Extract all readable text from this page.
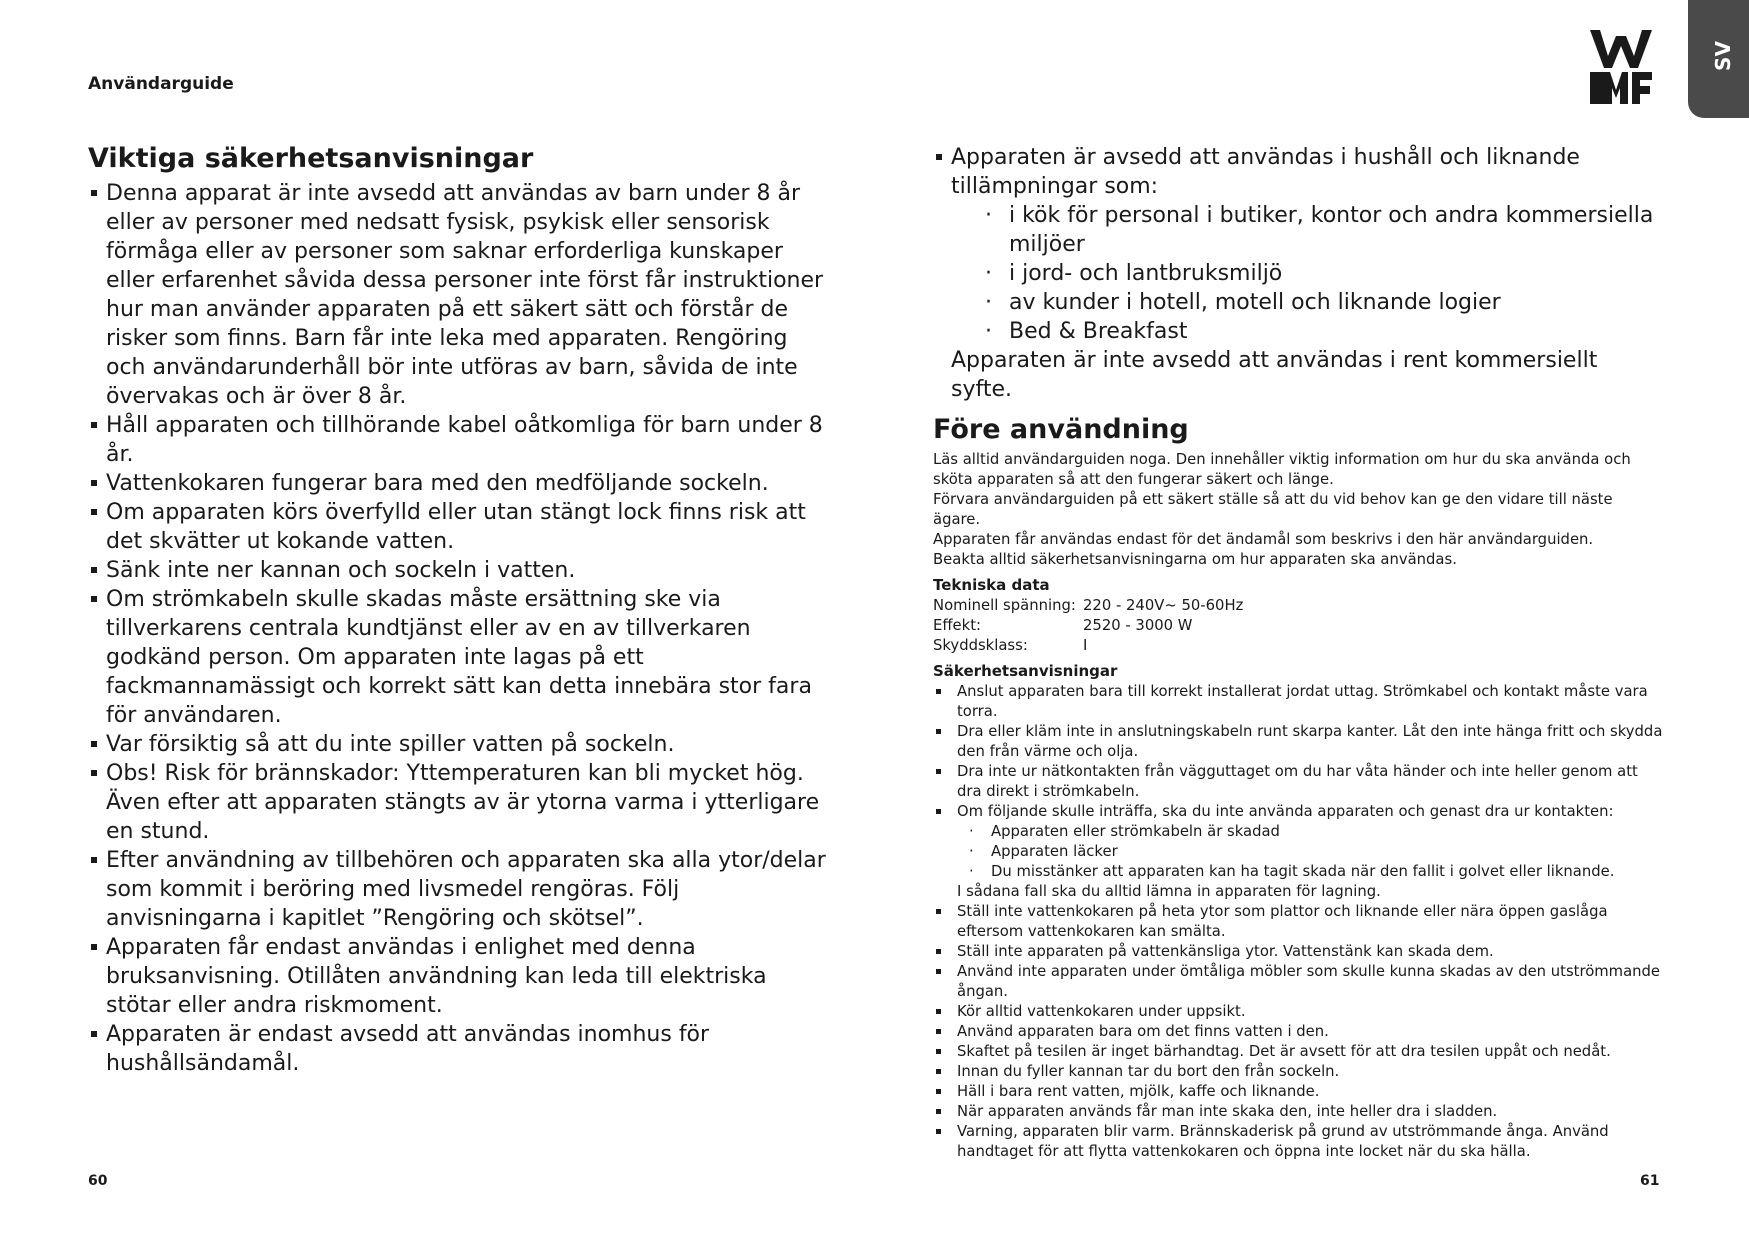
Användarguide
SV
Viktiga säkerhetsanvisningar
Denna apparat är inte avsedd att användas av barn under 8 år eller av personer med nedsatt fysisk, psykisk eller sensorisk förmåga eller av personer som saknar erforderliga kunskaper eller erfarenhet såvida dessa personer inte först får instruktioner hur man använder apparaten på ett säkert sätt och förstår de risker som finns. Barn får inte leka med apparaten. Rengöring och användarunderhåll bör inte utföras av barn, såvida de inte övervakas och är över 8 år.
Håll apparaten och tillhörande kabel oåtkomliga för barn under 8 år.
Vattenkokaren fungerar bara med den medföljande sockeln.
Om apparaten körs överfylld eller utan stängt lock finns risk att det skvätter ut kokande vatten.
Sänk inte ner kannan och sockeln i vatten.
Om strömkabeln skulle skadas måste ersättning ske via tillverkarens centrala kundtjänst eller av en av tillverkaren godkänd person. Om apparaten inte lagas på ett fackmannamässigt och korrekt sätt kan detta innebära stor fara för användaren.
Var försiktig så att du inte spiller vatten på sockeln.
Obs! Risk för brännskador: Yttemperaturen kan bli mycket hög. Även efter att apparaten stängts av är ytorna varma i ytterligare en stund.
Efter användning av tillbehören och apparaten ska alla ytor/delar som kommit i beröring med livsmedel rengöras. Följ anvisningarna i kapitlet ”Rengöring och skötsel”.
Apparaten får endast användas i enlighet med denna bruksanvisning. Otillåten användning kan leda till elektriska stötar eller andra riskmoment.
Apparaten är endast avsedd att användas inomhus för hushållsändamål.
Apparaten är avsedd att användas i hushåll och liknande tillämpningar som:
· i kök för personal i butiker, kontor och andra kommersiella miljöer
· i jord- och lantbruksmiljö
· av kunder i hotell, motell och liknande logier
· Bed & Breakfast
Apparaten är inte avsedd att användas i rent kommersiellt syfte.
Före användning
Läs alltid användarguiden noga. Den innehåller viktig information om hur du ska använda och sköta apparaten så att den fungerar säkert och länge.
Förvara användarguiden på ett säkert ställe så att du vid behov kan ge den vidare till näste ägare.
Apparaten får användas endast för det ändamål som beskrivs i den här användarguiden.
Beakta alltid säkerhetsanvisningarna om hur apparaten ska användas.
Tekniska data
Nominell spänning:	220 - 240V~ 50-60Hz
Effekt:	2520 - 3000 W
Skyddsklass:	I
Säkerhetsanvisningar
Anslut apparaten bara till korrekt installerat jordat uttag. Strömkabel och kontakt måste vara torra.
Dra eller kläm inte in anslutningskabeln runt skarpa kanter. Låt den inte hänga fritt och skydda den från värme och olja.
Dra inte ur nätkontakten från vägguttaget om du har våta händer och inte heller genom att dra direkt i strömkabeln.
Om följande skulle inträffa, ska du inte använda apparaten och genast dra ur kontakten:
· Apparaten eller strömkabeln är skadad
· Apparaten läcker
· Du misstänker att apparaten kan ha tagit skada när den fallit i golvet eller liknande.
I sådana fall ska du alltid lämna in apparaten för lagning.
Ställ inte vattenkokaren på heta ytor som plattor och liknande eller nära öppen gaslåga eftersom vattenkokaren kan smälta.
Ställ inte apparaten på vattenkänsliga ytor. Vattenstänk kan skada dem.
Använd inte apparaten under ömtåliga möbler som skulle kunna skadas av den utströmmande ångan.
Kör alltid vattenkokaren under uppsikt.
Använd apparaten bara om det finns vatten i den.
Skaftet på tesilen är inget bärhandtag. Det är avsett för att dra tesilen uppåt och nedåt.
Innan du fyller kannan tar du bort den från sockeln.
Häll i bara rent vatten, mjölk, kaffe och liknande.
När apparaten används får man inte skaka den, inte heller dra i sladden.
Varning, apparaten blir varm. Brännskaderisk på grund av utströmmande ånga. Använd handtaget för att flytta vattenkokaren och öppna inte locket när du ska hälla.
60	61
